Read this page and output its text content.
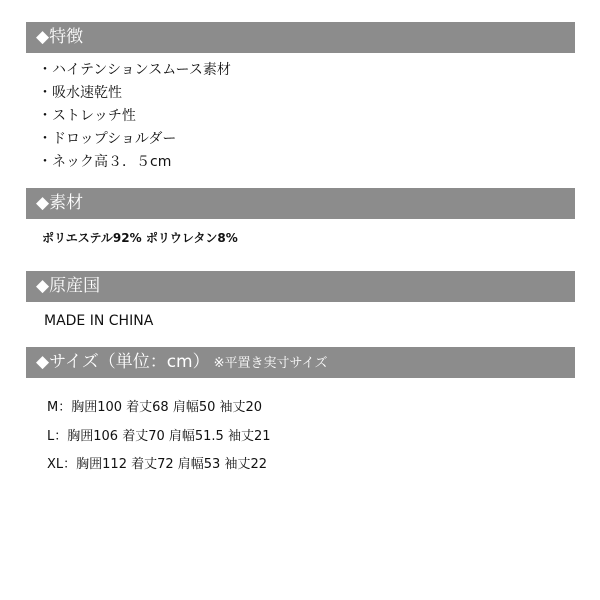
◆特徴
・ハイテンションスムース素材
・吸水速乾性
・ストレッチ性
・ドロップショルダー
・ネック高３．５cm
◆素材
ポリエステル92% ポリウレタン8%
◆原産国
MADE IN CHINA
◆サイズ（単位：cm） ※平置き実寸サイズ
M：胸囲100 着丈68 肩幅50 袖丈20
L：胸囲106 着丈70 肩幅51.5 袖丈21
XL：胸囲112 着丈72 肩幅53 袖丈22
